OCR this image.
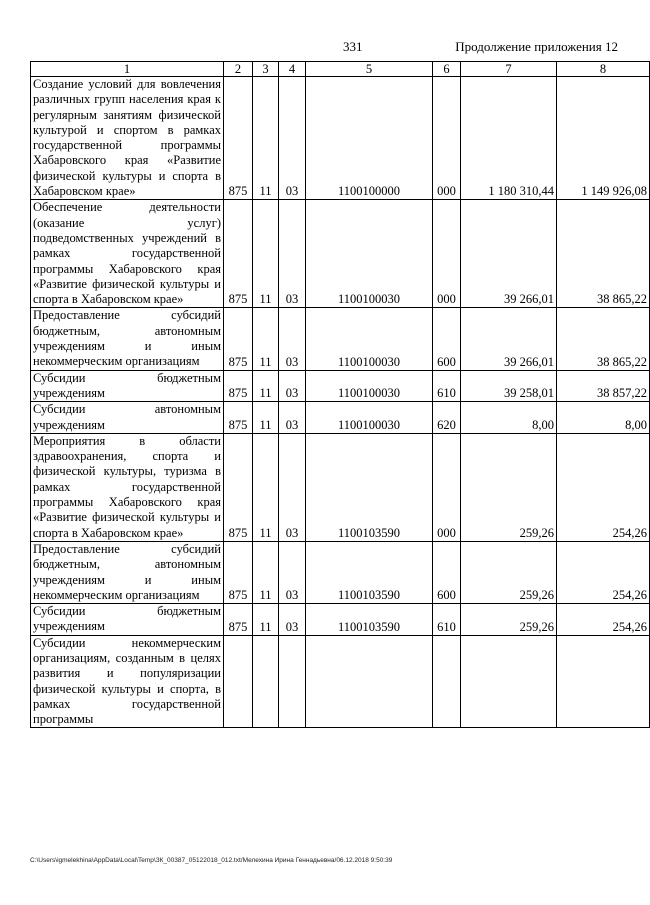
331	Продолжение приложения 12
1	2	3	4	5	6	7	8
Создание условий для вовлечения различных групп населения края к регулярным занятиям физической культурой и спортом в рамках государственной программы Хабаровского края «Развитие физической культуры и спорта в Хабаровском крае»	875	11	03	1100100000	000	1 180 310,44	1 149 926,08
Обеспечение деятельности (оказание услуг) подведомственных учреждений в рамках государственной программы Хабаровского края «Развитие физической культуры и спорта в Хабаровском крае»	875	11	03	1100100030	000	39 266,01	38 865,22
Предоставление субсидий бюджетным, автономным учреждениям и иным некоммерческим организациям	875	11	03	1100100030	600	39 266,01	38 865,22
Субсидии бюджетным учреждениям	875	11	03	1100100030	610	39 258,01	38 857,22
Субсидии автономным учреждениям	875	11	03	1100100030	620	8,00	8,00
Мероприятия в области здравоохранения, спорта и физической культуры, туризма в рамках государственной программы Хабаровского края «Развитие физической культуры и спорта в Хабаровском крае»	875	11	03	1100103590	000	259,26	254,26
Предоставление субсидий бюджетным, автономным учреждениям и иным некоммерческим организациям	875	11	03	1100103590	600	259,26	254,26
Субсидии бюджетным учреждениям	875	11	03	1100103590	610	259,26	254,26
Субсидии некоммерческим организациям, созданным в целях развития и популяризации физической культуры и спорта, в рамках государственной программы							
C:\Users\igmelekhina\AppData\Local\Temp\ЗК_00387_05122018_012.txt/Мелехина Ирина Геннадьевна/06.12.2018 9:50:39
